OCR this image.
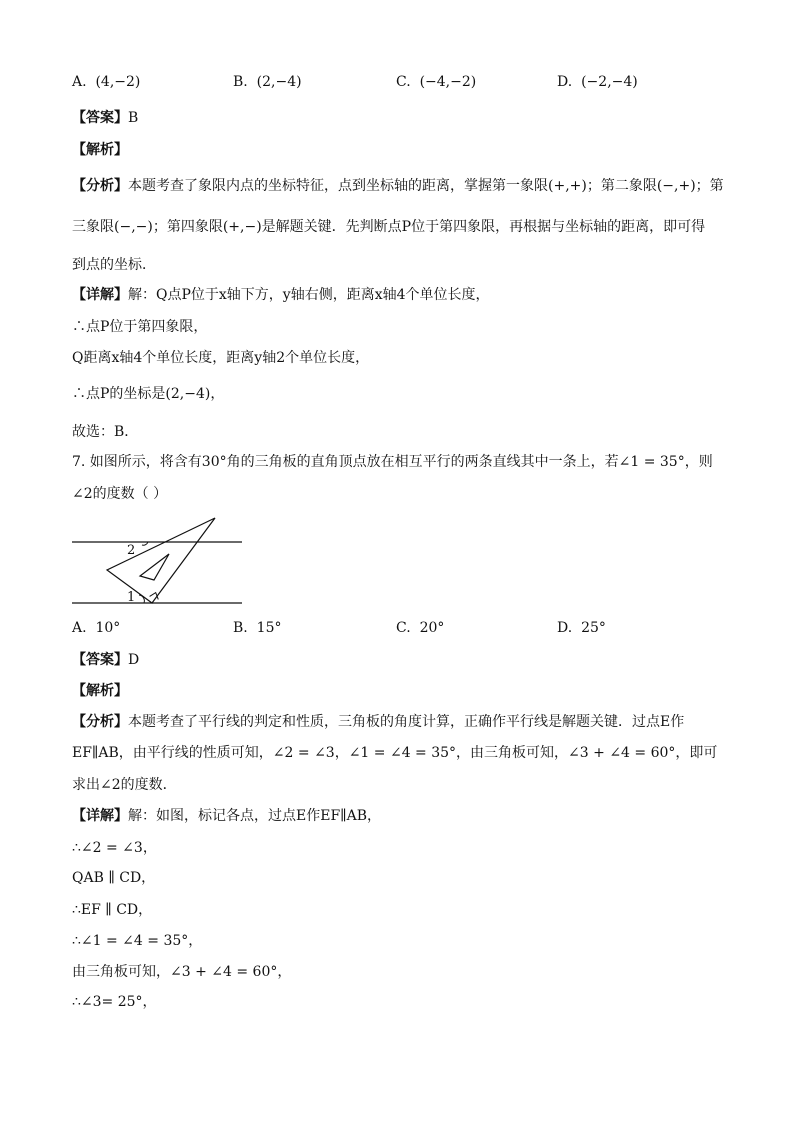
A. (4,−2)	B. (2,−4)	C. (−4,−2)	D. (−2,−4)
【答案】B
【解析】
【分析】本题考查了象限内点的坐标特征，点到坐标轴的距离，掌握第一象限(+,+)；第二象限(−,+)；第
三象限(−,−)；第四象限(+,−)是解题关键．先判断点P位于第四象限，再根据与坐标轴的距离，即可得
到点的坐标．
【详解】解：Q点P位于x轴下方，y轴右侧，距离x轴4个单位长度，
∴点P位于第四象限，
Q距离x轴4个单位长度，距离y轴2个单位长度，
∴点P的坐标是(2,−4)，
故选：B．
7. 如图所示，将含有30°角的三角板的直角顶点放在相互平行的两条直线其中一条上，若∠1 = 35°，则
∠2的度数（ ）
2
1
A. 10°	B. 15°	C. 20°	D. 25°
【答案】D
【解析】
【分析】本题考查了平行线的判定和性质，三角板的角度计算，正确作平行线是解题关键．过点E作
EF∥AB，由平行线的性质可知，∠2 = ∠3，∠1 = ∠4 = 35°，由三角板可知，∠3 + ∠4 = 60°，即可
求出∠2的度数．
【详解】解：如图，标记各点，过点E作EF∥AB，
∴∠2 = ∠3，
QAB ∥ CD，
∴EF ∥ CD，
∴∠1 = ∠4 = 35°，
由三角板可知，∠3 + ∠4 = 60°，
∴∠3= 25°，
